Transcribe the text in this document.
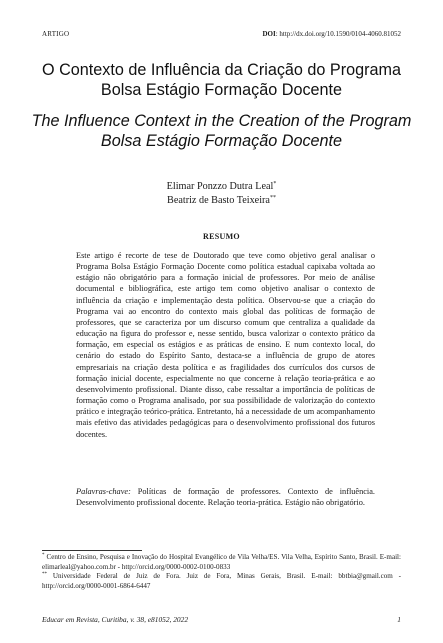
ARTIGO	DOI: http://dx.doi.org/10.1590/0104-4060.81052
O Contexto de Influência da Criação do Programa Bolsa Estágio Formação Docente
The Influence Context in the Creation of the Program Bolsa Estágio Formação Docente
Elimar Ponzzo Dutra Leal*
Beatriz de Basto Teixeira**
RESUMO

Este artigo é recorte de tese de Doutorado que teve como objetivo geral analisar o Programa Bolsa Estágio Formação Docente como política estadual capixaba voltada ao estágio não obrigatório para a formação inicial de professores. Por meio de análise documental e bibliográfica, este artigo tem como objetivo analisar o contexto de influência da criação e implementação desta política. Observou-se que a criação do Programa vai ao encontro do contexto mais global das políticas de formação de professores, que se caracteriza por um discurso comum que centraliza a qualidade da educação na figura do professor e, nesse sentido, busca valorizar o contexto prático da formação, em especial os estágios e as práticas de ensino. E num contexto local, do cenário do estado do Espírito Santo, destaca-se a influência de grupo de atores empresariais na criação desta política e as fragilidades dos currículos dos cursos de formação inicial docente, especialmente no que concerne à relação teoria-prática e ao desenvolvimento profissional. Diante disso, cabe ressaltar a importância de políticas de formação como o Programa analisado, por sua possibilidade de valorização do contexto prático e integração teórico-prática. Entretanto, há a necessidade de um acompanhamento mais efetivo das atividades pedagógicas para o desenvolvimento profissional dos futuros docentes.

Palavras-chave: Políticas de formação de professores. Contexto de influência. Desenvolvimento profissional docente. Relação teoria-prática. Estágio não obrigatório.

* Centro de Ensino, Pesquisa e Inovação do Hospital Evangélico de Vila Velha/ES. Vila Velha, Espírito Santo, Brasil. E-mail: elimarleal@yahoo.com.br - http://orcid.org/0000-0002-0100-0833

** Universidade Federal de Juiz de Fora. Juiz de Fora, Minas Gerais, Brasil. E-mail: bbtbia@gmail.com - http://orcid.org/0000-0001-6864-6447

Educar em Revista, Curitiba, v. 38, e81052, 2022	1
